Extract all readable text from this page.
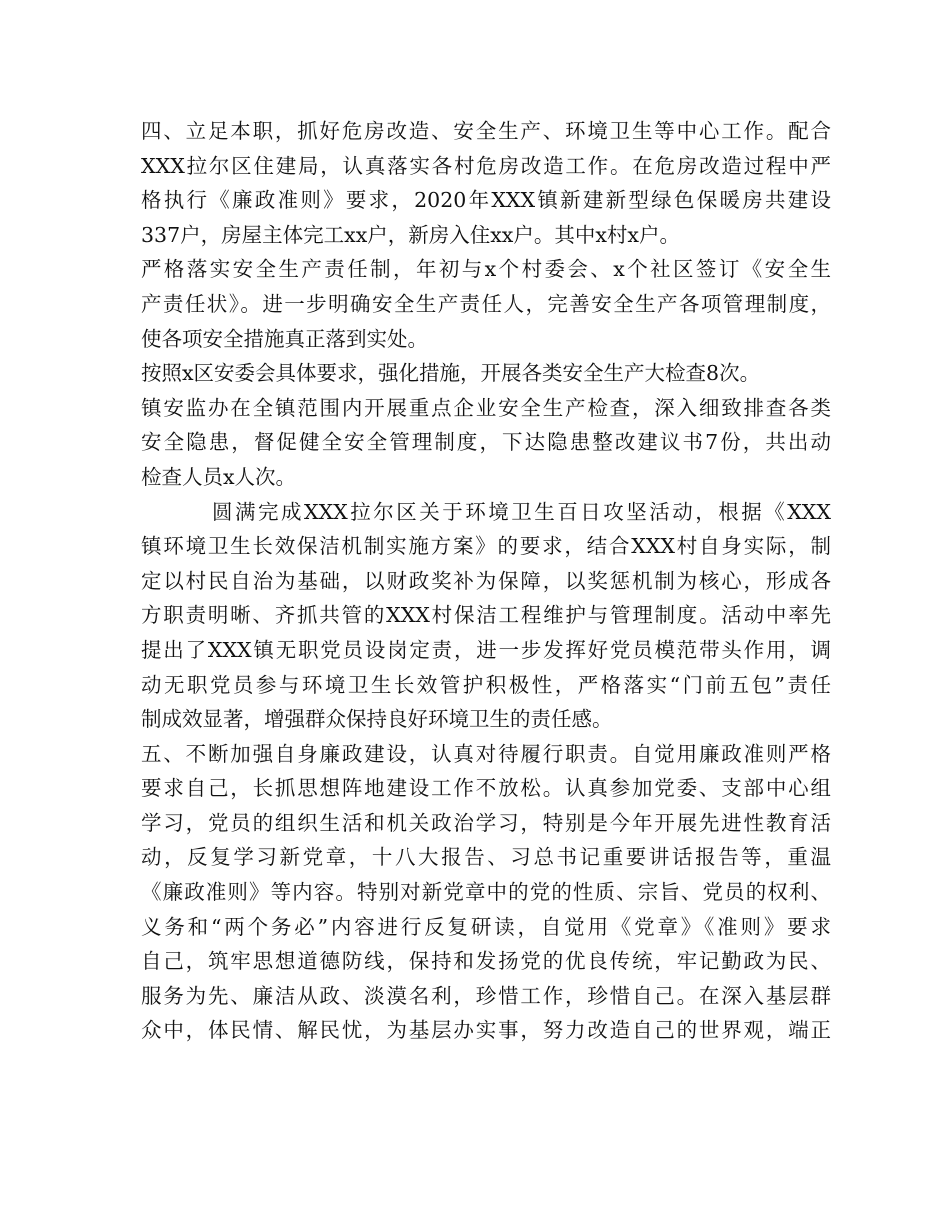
四、立足本职，抓好危房改造、安全生产、环境卫生等中心工作。配合
XXX拉尔区住建局，认真落实各村危房改造工作。在危房改造过程中严
格执行《廉政准则》要求，2020年XXX镇新建新型绿色保暖房共建设
337户，房屋主体完工xx户，新房入住xx户。其中x村x户。
严格落实安全生产责任制，年初与x个村委会、x个社区签订《安全生
产责任状》。进一步明确安全生产责任人，完善安全生产各项管理制度，
使各项安全措施真正落到实处。
按照x区安委会具体要求，强化措施，开展各类安全生产大检查8次。
镇安监办在全镇范围内开展重点企业安全生产检查，深入细致排查各类
安全隐患，督促健全安全管理制度，下达隐患整改建议书7份，共出动
检查人员x人次。
圆满完成XXX拉尔区关于环境卫生百日攻坚活动，根据《XXX
镇环境卫生长效保洁机制实施方案》的要求，结合XXX村自身实际，制
定以村民自治为基础，以财政奖补为保障，以奖惩机制为核心，形成各
方职责明晰、齐抓共管的XXX村保洁工程维护与管理制度。活动中率先
提出了XXX镇无职党员设岗定责，进一步发挥好党员模范带头作用，调
动无职党员参与环境卫生长效管护积极性，严格落实“门前五包”责任
制成效显著，增强群众保持良好环境卫生的责任感。
五、不断加强自身廉政建设，认真对待履行职责。自觉用廉政准则严格
要求自己，长抓思想阵地建设工作不放松。认真参加党委、支部中心组
学习，党员的组织生活和机关政治学习，特别是今年开展先进性教育活
动，反复学习新党章，十八大报告、习总书记重要讲话报告等，重温
《廉政准则》等内容。特别对新党章中的党的性质、宗旨、党员的权利、
义务和“两个务必”内容进行反复研读，自觉用《党章》《准则》要求
自己，筑牢思想道德防线，保持和发扬党的优良传统，牢记勤政为民、
服务为先、廉洁从政、淡漠名利，珍惜工作，珍惜自己。在深入基层群
众中，体民情、解民忧，为基层办实事，努力改造自己的世界观，端正
